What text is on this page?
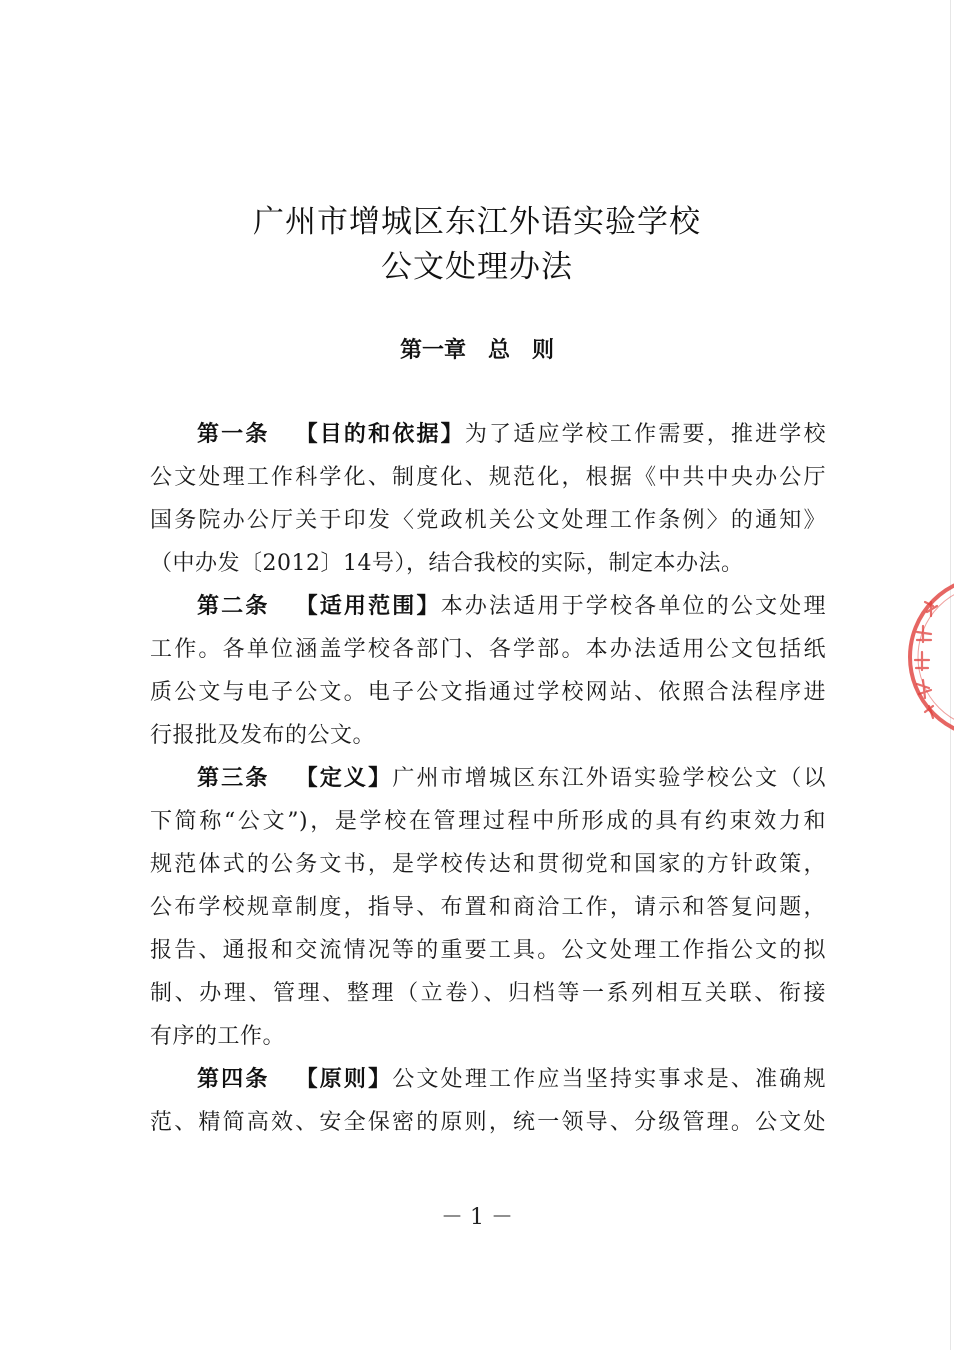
广州市增城区东江外语实验学校
公文处理办法
第一章　总　则
第一条 【目的和依据】为了适应学校工作需要，推进学校
公文处理工作科学化、制度化、规范化，根据《中共中央办公厅
国务院办公厅关于印发〈党政机关公文处理工作条例〉的通知》
（中办发〔2012〕14号），结合我校的实际，制定本办法。
第二条 【适用范围】本办法适用于学校各单位的公文处理
工作。各单位涵盖学校各部门、各学部。本办法适用公文包括纸
质公文与电子公文。电子公文指通过学校网站、依照合法程序进
行报批及发布的公文。
第三条 【定义】广州市增城区东江外语实验学校公文（以
下简称“公文”)，是学校在管理过程中所形成的具有约束效力和
规范体式的公务文书，是学校传达和贯彻党和国家的方针政策，
公布学校规章制度，指导、布置和商洽工作，请示和答复问题，
报告、通报和交流情况等的重要工具。公文处理工作指公文的拟
制、办理、管理、整理（立卷）、归档等一系列相互关联、衔接
有序的工作。
第四条 【原则】公文处理工作应当坚持实事求是、准确规
范、精简高效、安全保密的原则，统一领导、分级管理。公文处
－ 1 －
